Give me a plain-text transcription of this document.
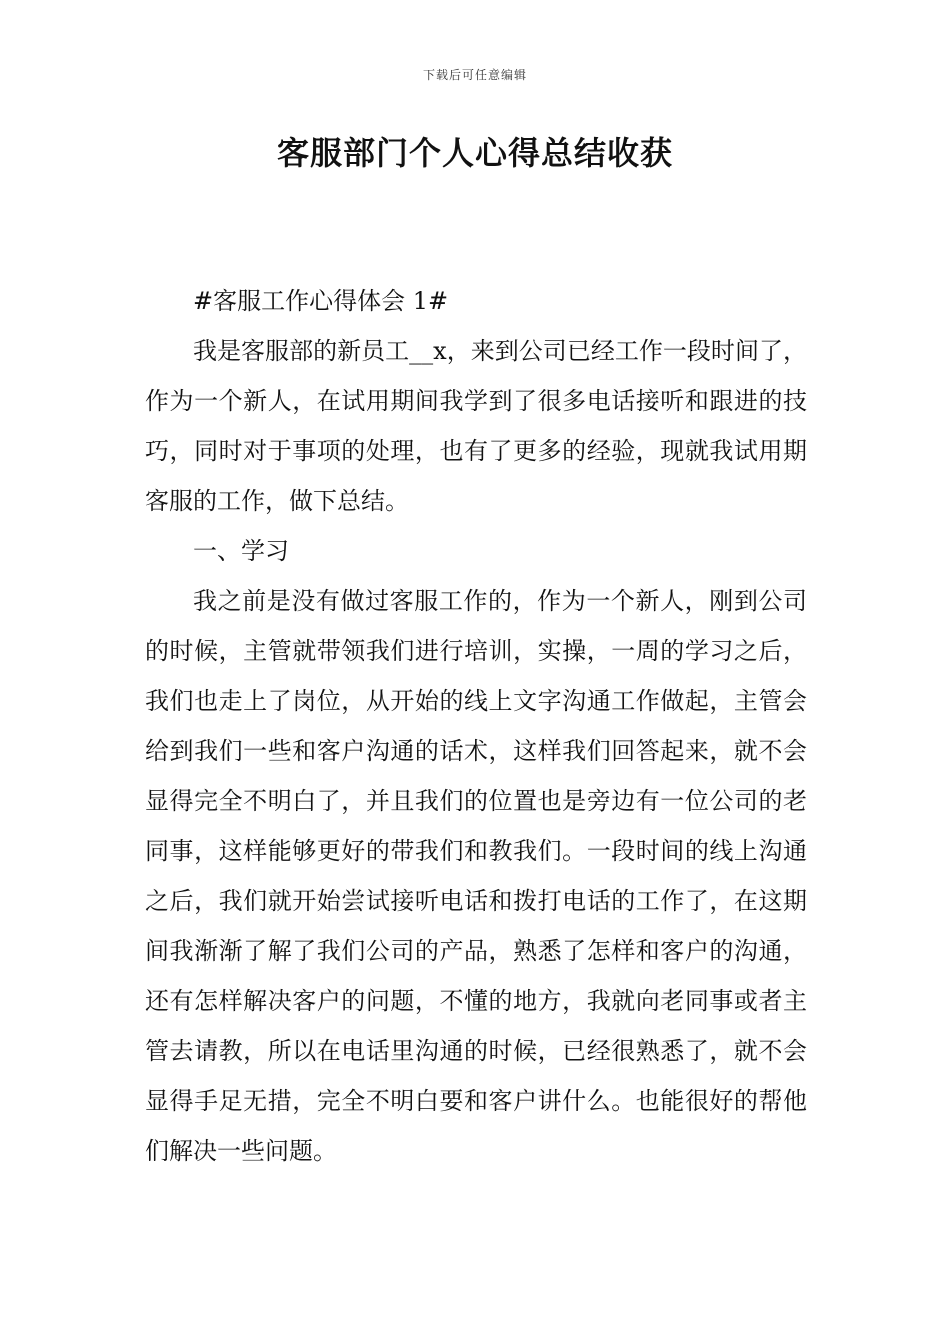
下载后可任意编辑
客服部门个人心得总结收获

#客服工作心得体会 1#

我是客服部的新员工__x，来到公司已经工作一段时间了，作为一个新人，在试用期间我学到了很多电话接听和跟进的技巧，同时对于事项的处理，也有了更多的经验，现就我试用期客服的工作，做下总结。

一、学习

我之前是没有做过客服工作的，作为一个新人，刚到公司的时候，主管就带领我们进行培训，实操，一周的学习之后，我们也走上了岗位，从开始的线上文字沟通工作做起，主管会给到我们一些和客户沟通的话术，这样我们回答起来，就不会显得完全不明白了，并且我们的位置也是旁边有一位公司的老同事，这样能够更好的带我们和教我们。一段时间的线上沟通之后，我们就开始尝试接听电话和拨打电话的工作了，在这期间我渐渐了解了我们公司的产品，熟悉了怎样和客户的沟通，还有怎样解决客户的问题，不懂的地方，我就向老同事或者主管去请教，所以在电话里沟通的时候，已经很熟悉了，就不会显得手足无措，完全不明白要和客户讲什么。也能很好的帮他们解决一些问题。
